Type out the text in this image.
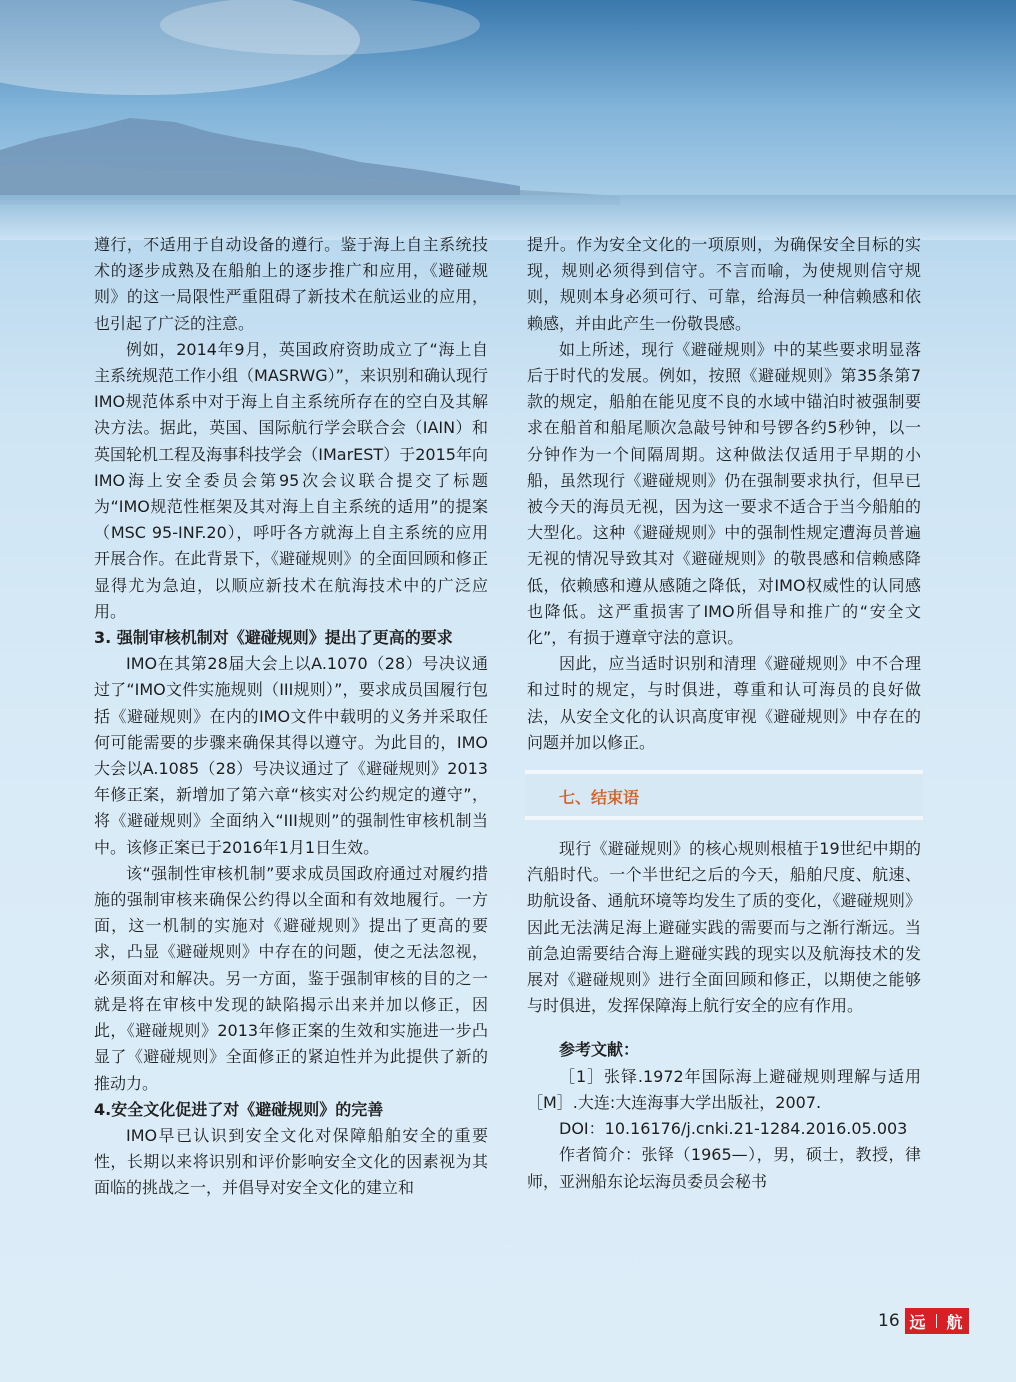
遵行，不适用于自动设备的遵行。鉴于海上自主系统技术的逐步成熟及在船舶上的逐步推广和应用，《避碰规则》的这一局限性严重阻碍了新技术在航运业的应用，也引起了广泛的注意。

例如，2014年9月，英国政府资助成立了“海上自主系统规范工作小组（MASRWG）”，来识别和确认现行IMO规范体系中对于海上自主系统所存在的空白及其解决方法。据此，英国、国际航行学会联合会（IAIN）和英国轮机工程及海事科技学会（IMarEST）于2015年向IMO海上安全委员会第95次会议联合提交了标题为“IMO规范性框架及其对海上自主系统的适用”的提案（MSC 95-INF.20），呼吁各方就海上自主系统的应用开展合作。在此背景下，《避碰规则》的全面回顾和修正显得尤为急迫，以顺应新技术在航海技术中的广泛应用。

3. 强制审核机制对《避碰规则》提出了更高的要求

IMO在其第28届大会上以A.1070（28）号决议通过了“IMO文件实施规则（III规则）”，要求成员国履行包括《避碰规则》在内的IMO文件中载明的义务并采取任何可能需要的步骤来确保其得以遵守。为此目的，IMO大会以A.1085（28）号决议通过了《避碰规则》2013年修正案，新增加了第六章“核实对公约规定的遵守”，将《避碰规则》全面纳入“III规则”的强制性审核机制当中。该修正案已于2016年1月1日生效。

该“强制性审核机制”要求成员国政府通过对履约措施的强制审核来确保公约得以全面和有效地履行。一方面，这一机制的实施对《避碰规则》提出了更高的要求，凸显《避碰规则》中存在的问题，使之无法忽视，必须面对和解决。另一方面，鉴于强制审核的目的之一就是将在审核中发现的缺陷揭示出来并加以修正，因此，《避碰规则》2013年修正案的生效和实施进一步凸显了《避碰规则》全面修正的紧迫性并为此提供了新的推动力。

4.安全文化促进了对《避碰规则》的完善

IMO早已认识到安全文化对保障船舶安全的重要性，长期以来将识别和评价影响安全文化的因素视为其面临的挑战之一，并倡导对安全文化的建立和

提升。作为安全文化的一项原则，为确保安全目标的实现，规则必须得到信守。不言而喻，为使规则信守规则，规则本身必须可行、可靠，给海员一种信赖感和依赖感，并由此产生一份敬畏感。

如上所述，现行《避碰规则》中的某些要求明显落后于时代的发展。例如，按照《避碰规则》第35条第7款的规定，船舶在能见度不良的水域中锚泊时被强制要求在船首和船尾顺次急敲号钟和号锣各约5秒钟，以一分钟作为一个间隔周期。这种做法仅适用于早期的小船，虽然现行《避碰规则》仍在强制要求执行，但早已被今天的海员无视，因为这一要求不适合于当今船舶的大型化。这种《避碰规则》中的强制性规定遭海员普遍无视的情况导致其对《避碰规则》的敬畏感和信赖感降低，依赖感和遵从感随之降低，对IMO权威性的认同感也降低。这严重损害了IMO所倡导和推广的“安全文化”，有损于遵章守法的意识。

因此，应当适时识别和清理《避碰规则》中不合理和过时的规定，与时俱进，尊重和认可海员的良好做法，从安全文化的认识高度审视《避碰规则》中存在的问题并加以修正。

七、结束语

现行《避碰规则》的核心规则根植于19世纪中期的汽船时代。一个半世纪之后的今天，船舶尺度、航速、助航设备、通航环境等均发生了质的变化，《避碰规则》因此无法满足海上避碰实践的需要而与之渐行渐远。当前急迫需要结合海上避碰实践的现实以及航海技术的发展对《避碰规则》进行全面回顾和修正，以期使之能够与时俱进，发挥保障海上航行安全的应有作用。

参考文献：

［1］张铎.1972年国际海上避碰规则理解与适用［M］.大连:大连海事大学出版社，2007.

DOI：10.16176/j.cnki.21-1284.2016.05.003

作者简介：张铎（1965—），男，硕士，教授，律师，亚洲船东论坛海员委员会秘书

16 远 航
